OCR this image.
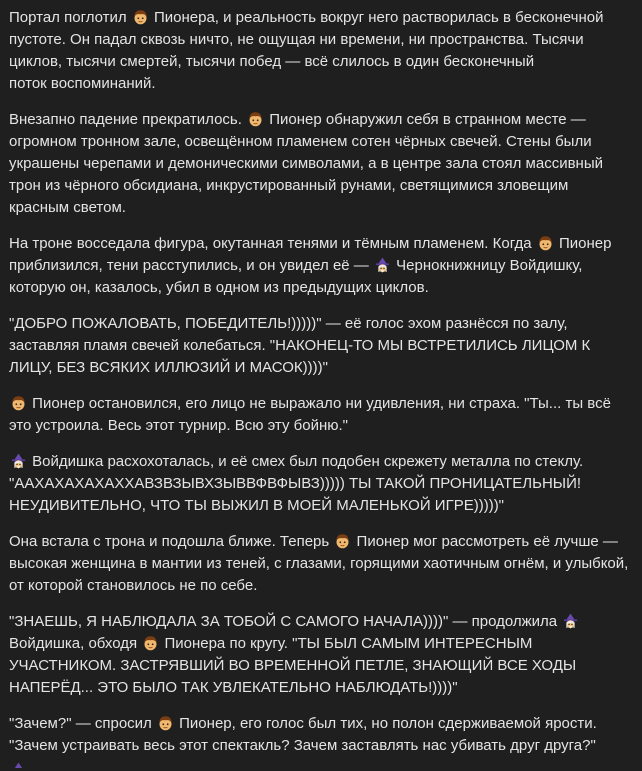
Портал поглотил
Пионера, и реальность вокруг него растворилась в бесконечной
пустоте. Он падал сквозь ничто, не ощущая ни времени, ни пространства. Тысячи
циклов, тысячи смертей, тысячи побед — всё слилось в один бесконечный
поток воспоминаний.

Внезапно падение прекратилось.
Пионер обнаружил себя в странном месте —
огромном тронном зале, освещённом пламенем сотен чёрных свечей. Стены были
украшены черепами и демоническими символами, а в центре зала стоял массивный
трон из чёрного обсидиана, инкрустированный рунами, светящимися зловещим
красным светом.

На троне восседала фигура, окутанная тенями и тёмным пламенем. Когда
Пионер
приблизился, тени расступились, и он увидел её —
Чернокнижницу Войдишку,
которую он, казалось, убил в одном из предыдущих циклов.

"ДОБРО ПОЖАЛОВАТЬ, ПОБЕДИТЕЛЬ!)))))" — её голос эхом разнёсся по залу,
заставляя пламя свечей колебаться. "НАКОНЕЦ-ТО МЫ ВСТРЕТИЛИСЬ ЛИЦОМ К
ЛИЦУ, БЕЗ ВСЯКИХ ИЛЛЮЗИЙ И МАСОК))))"

Пионер остановился, его лицо не выражало ни удивления, ни страха. "Ты... ты всё
это устроила. Весь этот турнир. Всю эту бойню."

Войдишка расхохоталась, и её смех был подобен скрежету металла по стеклу.
"ААХАХАХАХАХХАВЗВЗЫВХЗЫВВФВФЫВЗ))))) ТЫ ТАКОЙ ПРОНИЦАТЕЛЬНЫЙ!
НЕУДИВИТЕЛЬНО, ЧТО ТЫ ВЫЖИЛ В МОЕЙ МАЛЕНЬКОЙ ИГРЕ)))))"

Она встала с трона и подошла ближе. Теперь
Пионер мог рассмотреть её лучше —
высокая женщина в мантии из теней, с глазами, горящими хаотичным огнём, и улыбкой,
от которой становилось не по себе.

"ЗНАЕШЬ, Я НАБЛЮДАЛА ЗА ТОБОЙ С САМОГО НАЧАЛА))))" — продолжила
Войдишка, обходя
Пионера по кругу. "ТЫ БЫЛ САМЫМ ИНТЕРЕСНЫМ
УЧАСТНИКОМ. ЗАСТРЯВШИЙ ВО ВРЕМЕННОЙ ПЕТЛЕ, ЗНАЮЩИЙ ВСЕ ХОДЫ
НАПЕРЁД... ЭТО БЫЛО ТАК УВЛЕКАТЕЛЬНО НАБЛЮДАТЬ!))))"

"Зачем?" — спросил
Пионер, его голос был тих, но полон сдерживаемой ярости.
"Зачем устраивать весь этот спектакль? Зачем заставлять нас убивать друг друга?"
